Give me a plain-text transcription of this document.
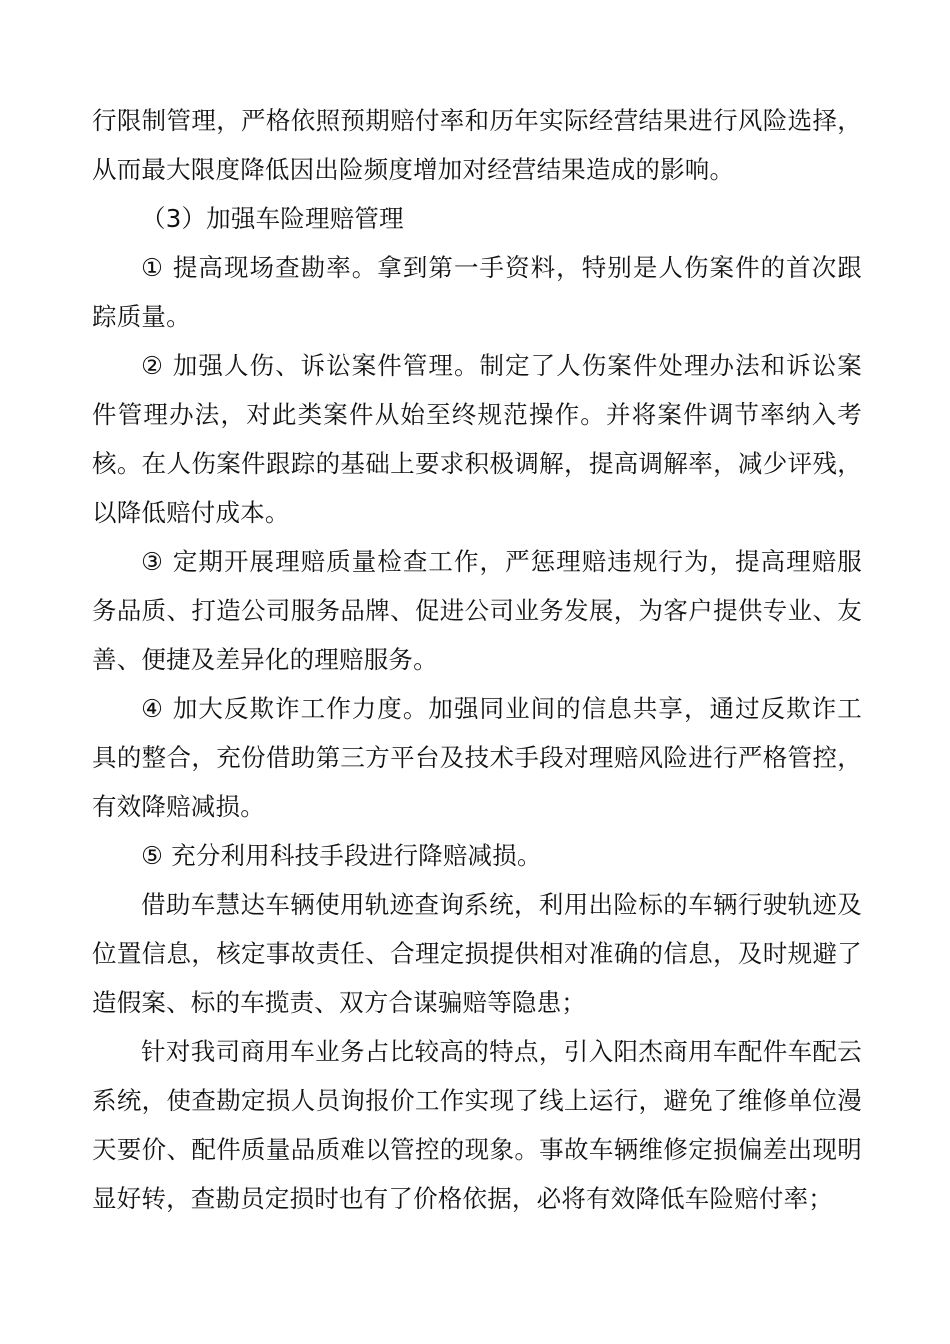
行限制管理，严格依照预期赔付率和历年实际经营结果进行风险选择，从而最大限度降低因出险频度增加对经营结果造成的影响。

（3）加强车险理赔管理

① 提高现场查勘率。拿到第一手资料，特别是人伤案件的首次跟踪质量。

② 加强人伤、诉讼案件管理。制定了人伤案件处理办法和诉讼案件管理办法，对此类案件从始至终规范操作。并将案件调节率纳入考核。在人伤案件跟踪的基础上要求积极调解，提高调解率，减少评残，以降低赔付成本。

③ 定期开展理赔质量检查工作，严惩理赔违规行为，提高理赔服务品质、打造公司服务品牌、促进公司业务发展，为客户提供专业、友善、便捷及差异化的理赔服务。

④ 加大反欺诈工作力度。加强同业间的信息共享，通过反欺诈工具的整合，充份借助第三方平台及技术手段对理赔风险进行严格管控，有效降赔减损。

⑤ 充分利用科技手段进行降赔减损。

借助车慧达车辆使用轨迹查询系统，利用出险标的车辆行驶轨迹及位置信息，核定事故责任、合理定损提供相对准确的信息，及时规避了造假案、标的车揽责、双方合谋骗赔等隐患；

针对我司商用车业务占比较高的特点，引入阳杰商用车配件车配云系统，使查勘定损人员询报价工作实现了线上运行，避免了维修单位漫天要价、配件质量品质难以管控的现象。事故车辆维修定损偏差出现明显好转，查勘员定损时也有了价格依据，必将有效降低车险赔付率；
